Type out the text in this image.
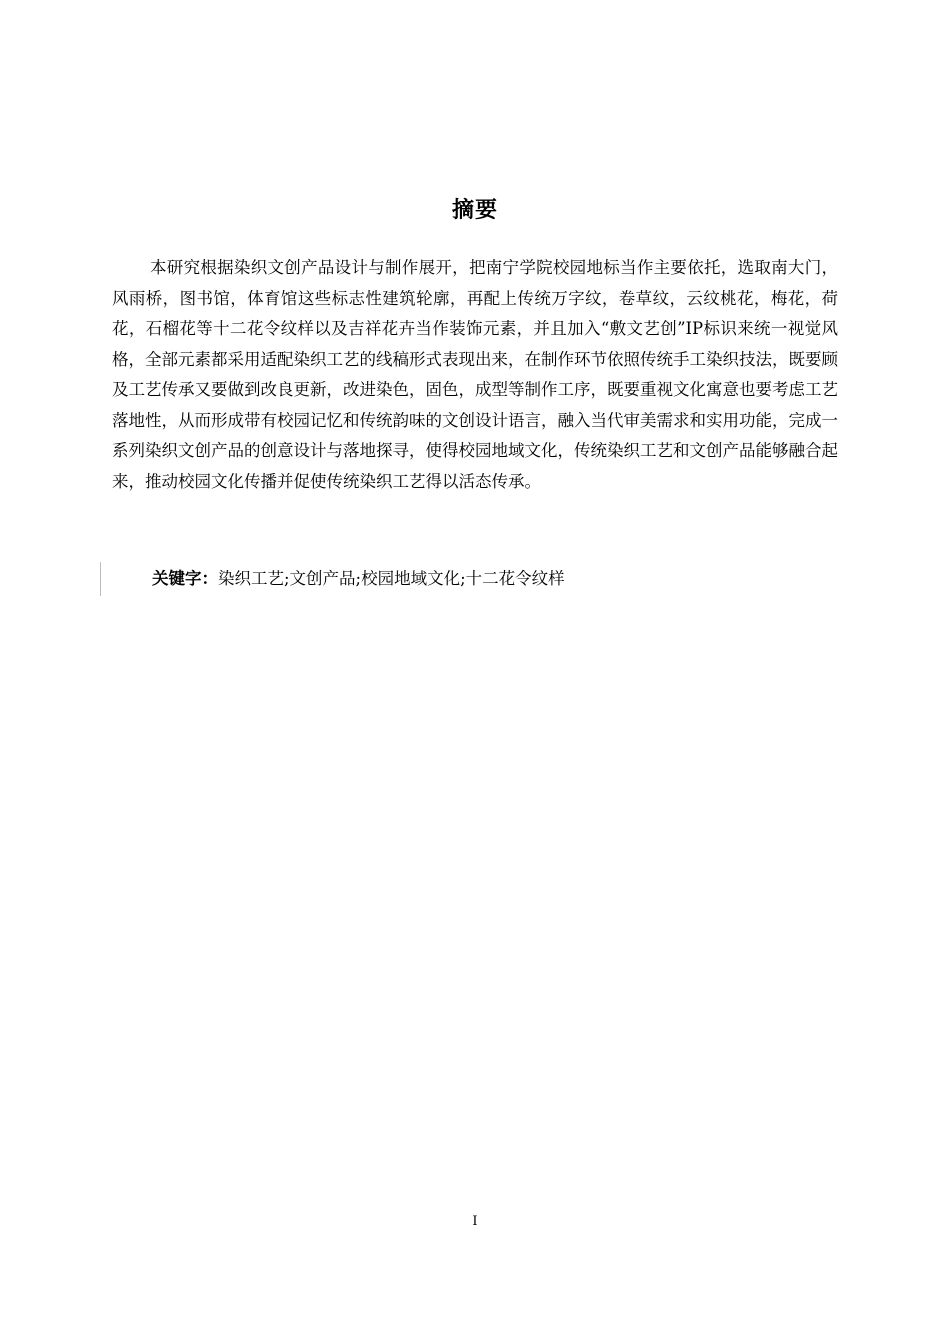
摘要

本研究根据染织文创产品设计与制作展开，把南宁学院校园地标当作主要依托，选取南大门，风雨桥，图书馆，体育馆这些标志性建筑轮廓，再配上传统万字纹，卷草纹，云纹桃花，梅花，荷花，石榴花等十二花令纹样以及吉祥花卉当作装饰元素，并且加入“敷文艺创”IP标识来统一视觉风格，全部元素都采用适配染织工艺的线稿形式表现出来，在制作环节依照传统手工染织技法，既要顾及工艺传承又要做到改良更新，改进染色，固色，成型等制作工序，既要重视文化寓意也要考虑工艺落地性，从而形成带有校园记忆和传统韵味的文创设计语言，融入当代审美需求和实用功能，完成一系列染织文创产品的创意设计与落地探寻，使得校园地域文化，传统染织工艺和文创产品能够融合起来，推动校园文化传播并促使传统染织工艺得以活态传承。

关键字：染织工艺;文创产品;校园地域文化;十二花令纹样
I
